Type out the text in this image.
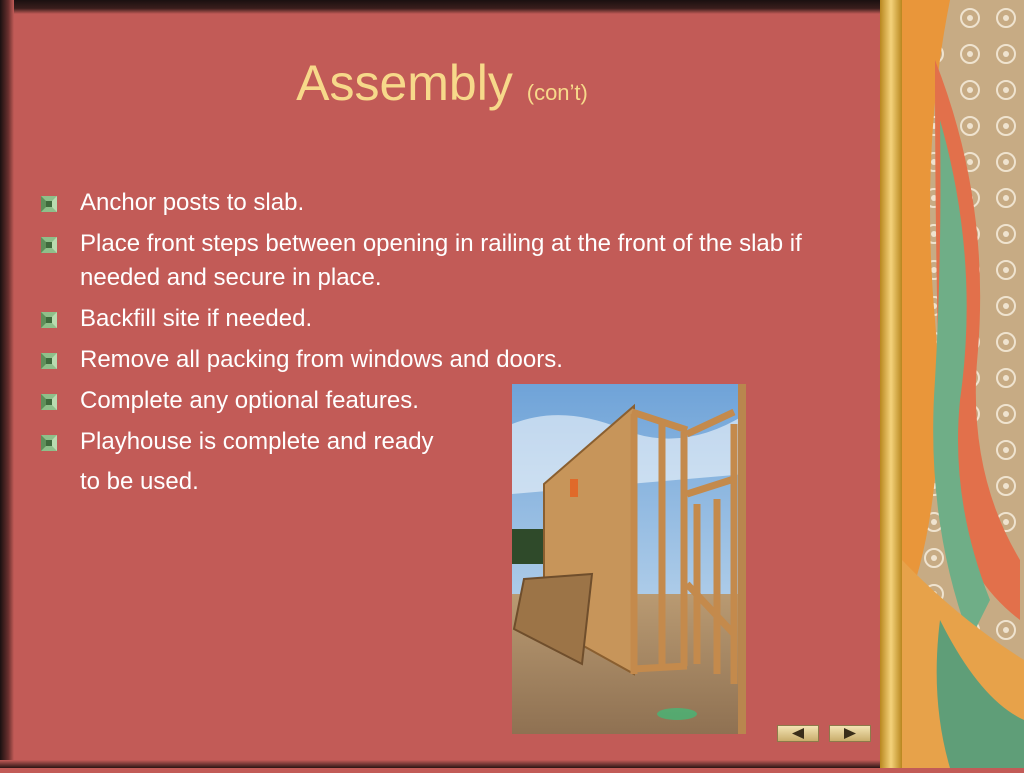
Assembly (con’t)
Anchor posts to slab.
Place front steps between opening in railing at the front of the slab if needed and secure in place.
Backfill site if needed.
Remove all packing from windows and doors.
Complete any optional features.
Playhouse is complete and ready
to be used.
